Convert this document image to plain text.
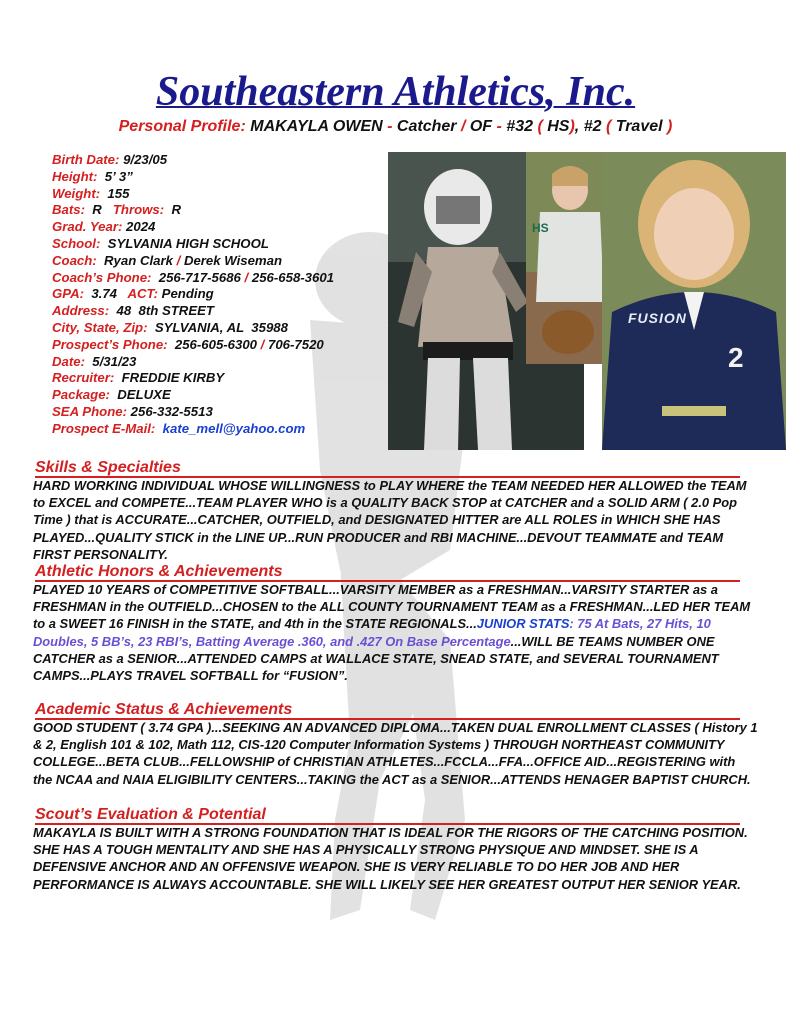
Southeastern Athletics, Inc.
Personal Profile: MAKAYLA OWEN - Catcher / OF - #32 ( HS), #2 ( Travel )
Birth Date: 9/23/05
Height:  5’ 3”
Weight:  155
Bats:  R   Throws:  R
Grad. Year: 2024
School:  SYLVANIA HIGH SCHOOL
Coach:  Ryan Clark / Derek Wiseman
Coach’s Phone:  256-717-5686 / 256-658-3601
GPA:  3.74   ACT: Pending
Address:  48  8th STREET
City, State, Zip:  SYLVANIA, AL  35988
Prospect’s Phone:  256-605-6300 / 706-7520
Date:  5/31/23
Recruiter:  FREDDIE KIRBY
Package:  DELUXE
SEA Phone: 256-332-5513
Prospect E-Mail: kate_mell@yahoo.com
HS
FUSION
2
Skills & Specialties
HARD WORKING INDIVIDUAL WHOSE WILLINGNESS to PLAY WHERE the TEAM NEEDED HER ALLOWED the TEAM to EXCEL and COMPETE...TEAM PLAYER WHO is a QUALITY BACK STOP at CATCHER and a SOLID ARM ( 2.0 Pop Time ) that is ACCURATE...CATCHER, OUTFIELD, and DESIGNATED HITTER are ALL ROLES in WHICH SHE HAS PLAYED...QUALITY STICK in the LINE UP...RUN PRODUCER and RBI MACHINE...DEVOUT TEAMMATE and TEAM FIRST PERSONALITY.
Athletic Honors & Achievements
PLAYED 10 YEARS of COMPETITIVE SOFTBALL...VARSITY MEMBER as a FRESHMAN...VARSITY STARTER as a FRESHMAN in the OUTFIELD...CHOSEN to the ALL COUNTY TOURNAMENT TEAM as a FRESHMAN...LED HER TEAM to a SWEET 16 FINISH in the STATE, and 4th in the STATE REGIONALS...JUNIOR STATS: 75 At Bats, 27 Hits, 10 Doubles, 5 BB’s, 23 RBI’s, Batting Average .360, and .427 On Base Percentage...WILL BE TEAMS NUMBER ONE CATCHER as a SENIOR...ATTENDED CAMPS at WALLACE STATE, SNEAD STATE, and SEVERAL TOURNAMENT CAMPS...PLAYS TRAVEL SOFTBALL for “FUSION”.
Academic Status & Achievements
GOOD STUDENT ( 3.74 GPA )...SEEKING AN ADVANCED DIPLOMA...TAKEN DUAL ENROLLMENT CLASSES ( History 1 & 2, English 101 & 102, Math 112, CIS-120 Computer Information Systems ) THROUGH NORTHEAST COMMUNITY COLLEGE...BETA CLUB...FELLOWSHIP of CHRISTIAN ATHLETES...FCCLA...FFA...OFFICE AID...REGISTERING with the NCAA and NAIA ELIGIBILITY CENTERS...TAKING the ACT as a SENIOR...ATTENDS HENAGER BAPTIST CHURCH.
Scout’s Evaluation & Potential
MAKAYLA IS BUILT WITH A STRONG FOUNDATION THAT IS IDEAL FOR THE RIGORS OF THE CATCHING POSITION. SHE HAS A TOUGH MENTALITY AND SHE HAS A PHYSICALLY STRONG PHYSIQUE AND MINDSET. SHE IS A DEFENSIVE ANCHOR AND AN OFFENSIVE WEAPON. SHE IS VERY RELIABLE TO DO HER JOB AND HER PERFORMANCE IS ALWAYS ACCOUNTABLE. SHE WILL LIKELY SEE HER GREATEST OUTPUT HER SENIOR YEAR.
